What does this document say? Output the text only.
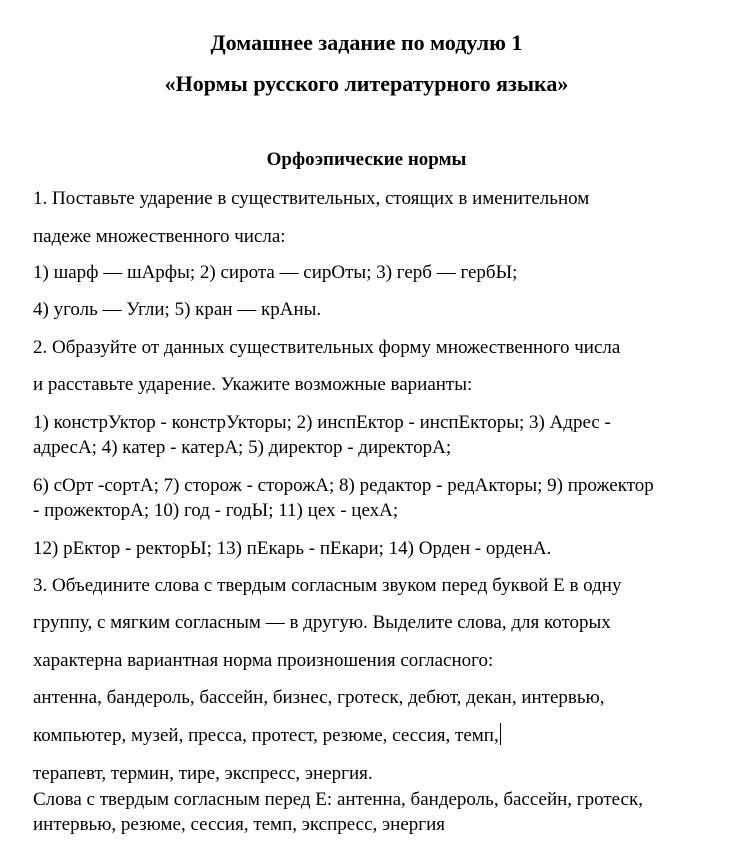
Домашнее задание по модулю 1
«Нормы русского литературного языка»
Орфоэпические нормы
1. Поставьте ударение в существительных, стоящих в именительном
падеже множественного числа:
1) шарф — шАрфы; 2) сирота — сирОты; 3) герб — гербЫ;
4) уголь — Угли; 5) кран — крАны.
2. Образуйте от данных существительных форму множественного числа
и расставьте ударение. Укажите возможные варианты:
1) констрУктор - констрУкторы; 2) инспЕктор - инспЕкторы; 3) Адрес -
адресА; 4) катер - катерА; 5) директор - директорА;
6) сОрт -сортА; 7) сторож - сторожА; 8) редактор - редАкторы; 9) прожектор
- прожекторА; 10) год - годЫ; 11) цех - цехА;
12) рЕктор - ректорЫ; 13) пЕкарь - пЕкари; 14) Орден - орденА.
3. Объедините слова с твердым согласным звуком перед буквой Е в одну
группу, с мягким согласным — в другую. Выделите слова, для которых
характерна вариантная норма произношения согласного:
антенна, бандероль, бассейн, бизнес, гротеск, дебют, декан, интервью,
компьютер, музей, пресса, протест, резюме, сессия, темп,
терапевт, термин, тире, экспресс, энергия.
Слова с твердым согласным перед Е: антенна, бандероль, бассейн, гротеск,
интервью, резюме, сессия, темп, экспресс, энергия
